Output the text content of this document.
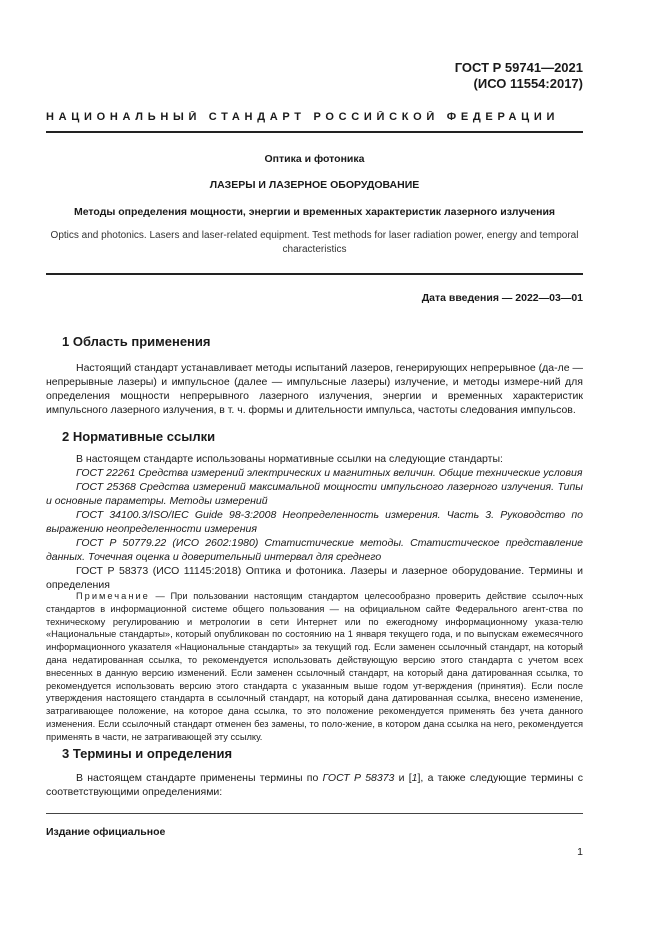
ГОСТ Р 59741—2021
(ИСО 11554:2017)
НАЦИОНАЛЬНЫЙ СТАНДАРТ РОССИЙСКОЙ ФЕДЕРАЦИИ
Оптика и фотоника
ЛАЗЕРЫ И ЛАЗЕРНОЕ ОБОРУДОВАНИЕ
Методы определения мощности, энергии и временных характеристик лазерного излучения
Optics and photonics. Lasers and laser-related equipment. Test methods for laser radiation power, energy and temporal
characteristics
Дата введения — 2022—03—01
1 Область применения
Настоящий стандарт устанавливает методы испытаний лазеров, генерирующих непрерывное (да-ле — непрерывные лазеры) и импульсное (далее — импульсные лазеры) излучение, и методы измере-ний для определения мощности непрерывного лазерного излучения, энергии и временных характеристик импульсного лазерного излучения, в т. ч. формы и длительности импульса, частоты следования импульсов.
2 Нормативные ссылки
В настоящем стандарте использованы нормативные ссылки на следующие стандарты:
ГОСТ 22261 Средства измерений электрических и магнитных величин. Общие технические условия
ГОСТ 25368 Средства измерений максимальной мощности импульсного лазерного излучения. Типы и основные параметры. Методы измерений
ГОСТ 34100.3/ISO/IEC Guide 98-3:2008 Неопределенность измерения. Часть 3. Руководство по выражению неопределенности измерения
ГОСТ Р 50779.22 (ИСО 2602:1980) Статистические методы. Статистическое представление данных. Точечная оценка и доверительный интервал для среднего
ГОСТ Р 58373 (ИСО 11145:2018) Оптика и фотоника. Лазеры и лазерное оборудование. Термины и определения
Примечание — При пользовании настоящим стандартом целесообразно проверить действие ссылоч-ных стандартов в информационной системе общего пользования — на официальном сайте Федерального агент-ства по техническому регулированию и метрологии в сети Интернет или по ежегодному информационному указа-телю «Национальные стандарты», который опубликован по состоянию на 1 января текущего года, и по выпускам ежемесячного информационного указателя «Национальные стандарты» за текущий год. Если заменен ссылочный стандарт, на который дана недатированная ссылка, то рекомендуется использовать действующую версию этого стандарта с учетом всех внесенных в данную версию изменений. Если заменен ссылочный стандарт, на который дана датированная ссылка, то рекомендуется использовать версию этого стандарта с указанным выше годом ут-верждения (принятия). Если после утверждения настоящего стандарта в ссылочный стандарт, на который дана датированная ссылка, внесено изменение, затрагивающее положение, на которое дана ссылка, то это положение рекомендуется применять без учета данного изменения. Если ссылочный стандарт отменен без замены, то поло-жение, в котором дана ссылка на него, рекомендуется применять в части, не затрагивающей эту ссылку.
3 Термины и определения
В настоящем стандарте применены термины по ГОСТ Р 58373 и [1], а также следующие термины с соответствующими определениями:
Издание официальное
1
